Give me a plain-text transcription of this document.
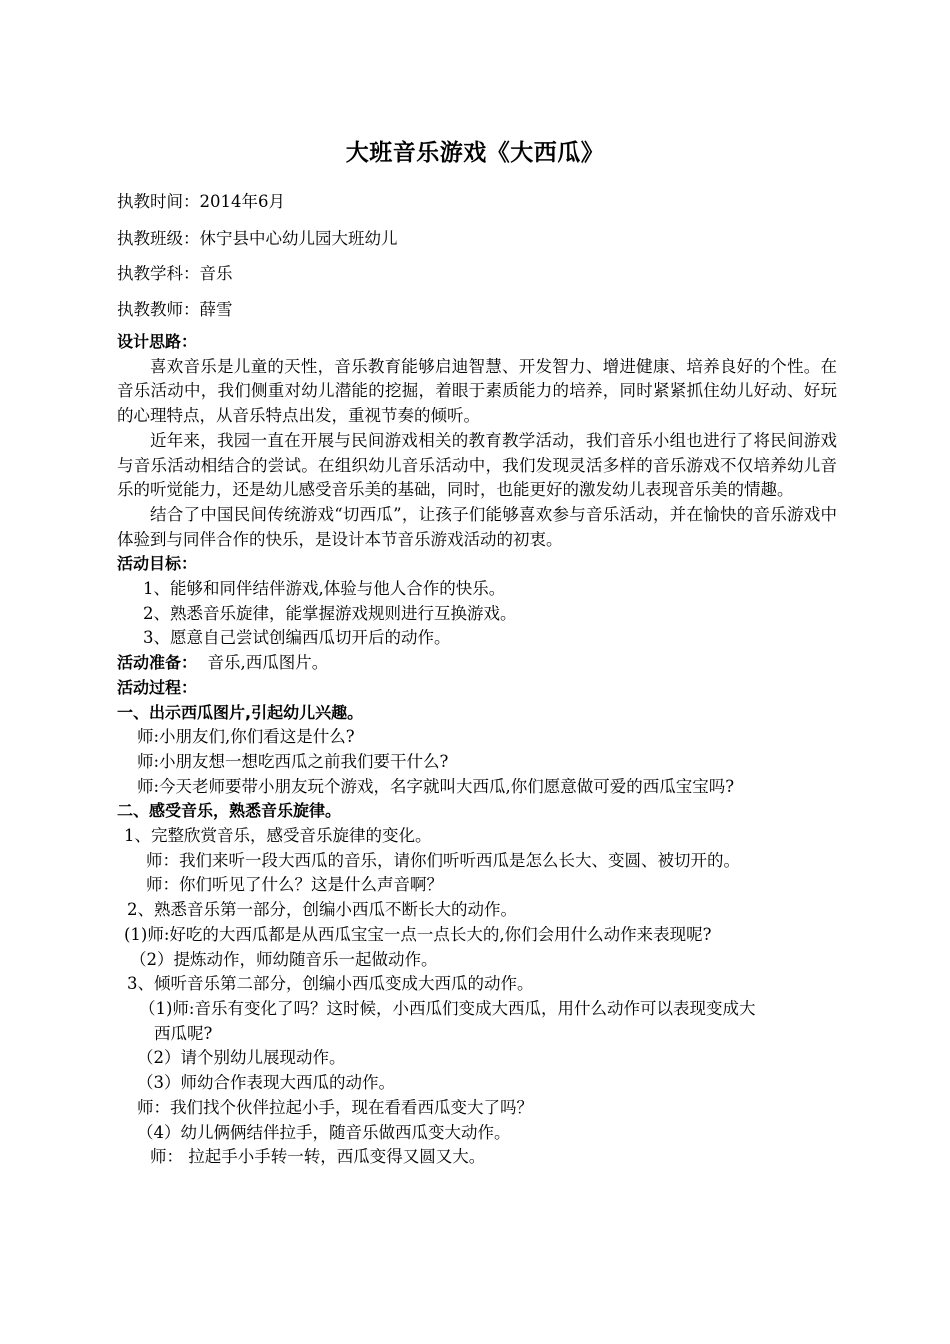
大班音乐游戏《大西瓜》

执教时间：2014年6月

执教班级：休宁县中心幼儿园大班幼儿

执教学科：音乐

执教教师：薛雪

设计思路：
喜欢音乐是儿童的天性，音乐教育能够启迪智慧、开发智力、增进健康、培养良好的个性。在音乐活动中，我们侧重对幼儿潜能的挖掘，着眼于素质能力的培养，同时紧紧抓住幼儿好动、好玩的心理特点，从音乐特点出发，重视节奏的倾听。
近年来，我园一直在开展与民间游戏相关的教育教学活动，我们音乐小组也进行了将民间游戏与音乐活动相结合的尝试。在组织幼儿音乐活动中，我们发现灵活多样的音乐游戏不仅培养幼儿音乐的听觉能力，还是幼儿感受音乐美的基础，同时，也能更好的激发幼儿表现音乐美的情趣。
结合了中国民间传统游戏“切西瓜”，让孩子们能够喜欢参与音乐活动，并在愉快的音乐游戏中体验到与同伴合作的快乐，是设计本节音乐游戏活动的初衷。
活动目标：
1、能够和同伴结伴游戏,体验与他人合作的快乐。
2、熟悉音乐旋律，能掌握游戏规则进行互换游戏。
3、愿意自己尝试创编西瓜切开后的动作。
活动准备： 音乐,西瓜图片。
活动过程：
一、出示西瓜图片,引起幼儿兴趣。
师:小朋友们,你们看这是什么?
师:小朋友想一想吃西瓜之前我们要干什么?
师:今天老师要带小朋友玩个游戏，名字就叫大西瓜,你们愿意做可爱的西瓜宝宝吗?
二、感受音乐，熟悉音乐旋律。
1、完整欣赏音乐，感受音乐旋律的变化。
师：我们来听一段大西瓜的音乐，请你们听听西瓜是怎么长大、变圆、被切开的。
师：你们听见了什么？这是什么声音啊？
2、熟悉音乐第一部分，创编小西瓜不断长大的动作。
(1)师:好吃的大西瓜都是从西瓜宝宝一点一点长大的,你们会用什么动作来表现呢?
（2）提炼动作，师幼随音乐一起做动作。
3、倾听音乐第二部分，创编小西瓜变成大西瓜的动作。
（1)师:音乐有变化了吗？这时候，小西瓜们变成大西瓜，用什么动作可以表现变成大
西瓜呢?
（2）请个别幼儿展现动作。
（3）师幼合作表现大西瓜的动作。
师：我们找个伙伴拉起小手，现在看看西瓜变大了吗？
（4）幼儿俩俩结伴拉手，随音乐做西瓜变大动作。
师： 拉起手小手转一转，西瓜变得又圆又大。
